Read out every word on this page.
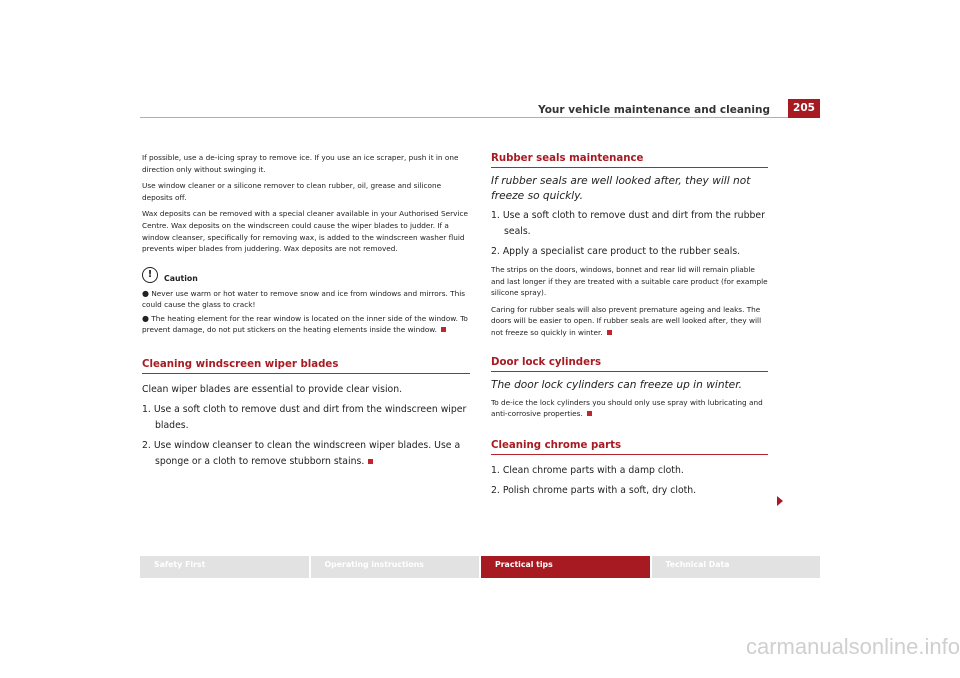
Your vehicle maintenance and cleaning	205

If possible, use a de-icing spray to remove ice. If you use an ice scraper, push it in one direction only without swinging it.

Use window cleaner or a silicone remover to clean rubber, oil, grease and silicone deposits off.

Wax deposits can be removed with a special cleaner available in your Authorised Service Centre. Wax deposits on the windscreen could cause the wiper blades to judder. If a window cleanser, specifically for removing wax, is added to the windscreen washer fluid prevents wiper blades from juddering. Wax deposits are not removed.

!	Caution

● Never use warm or hot water to remove snow and ice from windows and mirrors. This could cause the glass to crack!

● The heating element for the rear window is located on the inner side of the window. To prevent damage, do not put stickers on the heating elements inside the window.

Cleaning windscreen wiper blades

Clean wiper blades are essential to provide clear vision.

1. Use a soft cloth to remove dust and dirt from the windscreen wiper blades.

2. Use window cleanser to clean the windscreen wiper blades. Use a sponge or a cloth to remove stubborn stains.

Rubber seals maintenance

If rubber seals are well looked after, they will not freeze so quickly.

1. Use a soft cloth to remove dust and dirt from the rubber seals.

2. Apply a specialist care product to the rubber seals.

The strips on the doors, windows, bonnet and rear lid will remain pliable and last longer if they are treated with a suitable care product (for example silicone spray).

Caring for rubber seals will also prevent premature ageing and leaks. The doors will be easier to open. If rubber seals are well looked after, they will not freeze so quickly in winter.

Door lock cylinders

The door lock cylinders can freeze up in winter.

To de-ice the lock cylinders you should only use spray with lubricating and anti-corrosive properties.

Cleaning chrome parts

1. Clean chrome parts with a damp cloth.

2. Polish chrome parts with a soft, dry cloth.

Safety First	Operating instructions	Practical tips	Technical Data
carmanualsonline.info
